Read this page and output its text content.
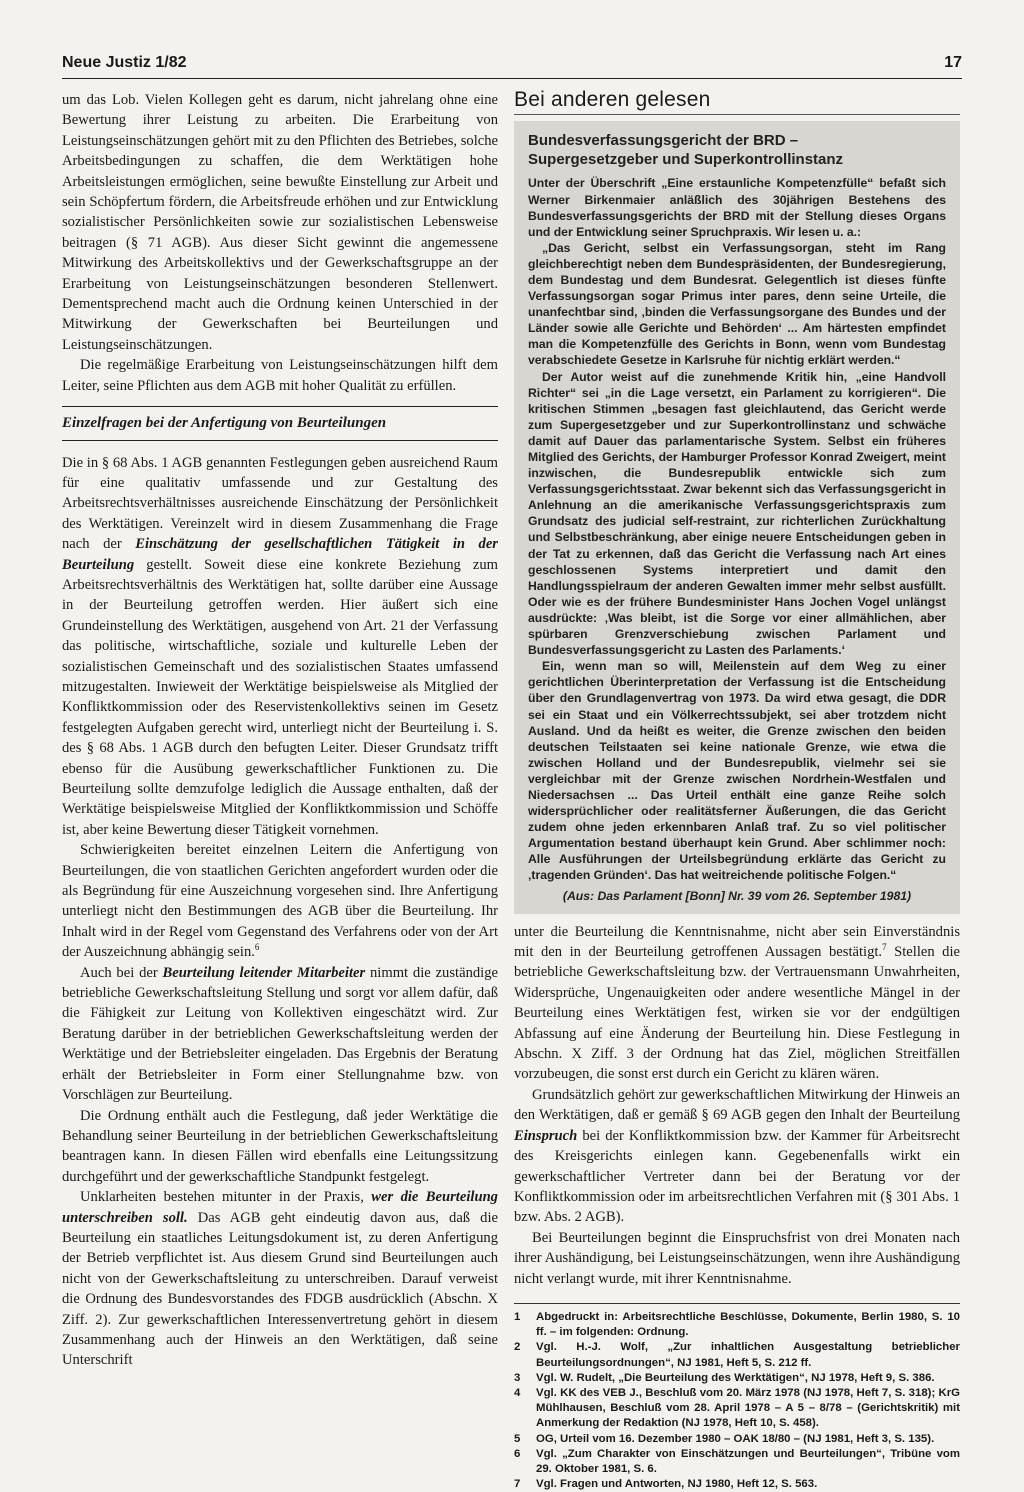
Neue Justiz 1/82	17

um das Lob. Vielen Kollegen geht es darum, nicht jahrelang ohne eine Bewertung ihrer Leistung zu arbeiten. Die Erarbeitung von Leistungseinschätzungen gehört mit zu den Pflichten des Betriebes, solche Arbeitsbedingungen zu schaffen, die dem Werktätigen hohe Arbeitsleistungen ermöglichen, seine bewußte Einstellung zur Arbeit und sein Schöpfertum fördern, die Arbeitsfreude erhöhen und zur Entwicklung sozialistischer Persönlichkeiten sowie zur sozialistischen Lebensweise beitragen (§ 71 AGB). Aus dieser Sicht gewinnt die angemessene Mitwirkung des Arbeitskollektivs und der Gewerkschaftsgruppe an der Erarbeitung von Leistungseinschätzungen besonderen Stellenwert. Dementsprechend macht auch die Ordnung keinen Unterschied in der Mitwirkung der Gewerkschaften bei Beurteilungen und Leistungseinschätzungen.

Die regelmäßige Erarbeitung von Leistungseinschätzungen hilft dem Leiter, seine Pflichten aus dem AGB mit hoher Qualität zu erfüllen.

Einzelfragen bei der Anfertigung von Beurteilungen

Die in § 68 Abs. 1 AGB genannten Festlegungen geben ausreichend Raum für eine qualitativ umfassende und zur Gestaltung des Arbeitsrechtsverhältnisses ausreichende Einschätzung der Persönlichkeit des Werktätigen. Vereinzelt wird in diesem Zusammenhang die Frage nach der Einschätzung der gesellschaftlichen Tätigkeit in der Beurteilung gestellt. Soweit diese eine konkrete Beziehung zum Arbeitsrechtsverhältnis des Werktätigen hat, sollte darüber eine Aussage in der Beurteilung getroffen werden. Hier äußert sich eine Grundeinstellung des Werktätigen, ausgehend von Art. 21 der Verfassung das politische, wirtschaftliche, soziale und kulturelle Leben der sozialistischen Gemeinschaft und des sozialistischen Staates umfassend mitzugestalten. Inwieweit der Werktätige beispielsweise als Mitglied der Konfliktkommission oder des Reservistenkollektivs seinen im Gesetz festgelegten Aufgaben gerecht wird, unterliegt nicht der Beurteilung i. S. des § 68 Abs. 1 AGB durch den befugten Leiter. Dieser Grundsatz trifft ebenso für die Ausübung gewerkschaftlicher Funktionen zu. Die Beurteilung sollte demzufolge lediglich die Aussage enthalten, daß der Werktätige beispielsweise Mitglied der Konfliktkommission und Schöffe ist, aber keine Bewertung dieser Tätigkeit vornehmen.

Schwierigkeiten bereitet einzelnen Leitern die Anfertigung von Beurteilungen, die von staatlichen Gerichten angefordert wurden oder die als Begründung für eine Auszeichnung vorgesehen sind. Ihre Anfertigung unterliegt nicht den Bestimmungen des AGB über die Beurteilung. Ihr Inhalt wird in der Regel vom Gegenstand des Verfahrens oder von der Art der Auszeichnung abhängig sein.$^6$

Auch bei der Beurteilung leitender Mitarbeiter nimmt die zuständige betriebliche Gewerkschaftsleitung Stellung und sorgt vor allem dafür, daß die Fähigkeit zur Leitung von Kollektiven eingeschätzt wird. Zur Beratung darüber in der betrieblichen Gewerkschaftsleitung werden der Werktätige und der Betriebsleiter eingeladen. Das Ergebnis der Beratung erhält der Betriebsleiter in Form einer Stellungnahme bzw. von Vorschlägen zur Beurteilung.

Die Ordnung enthält auch die Festlegung, daß jeder Werktätige die Behandlung seiner Beurteilung in der betrieblichen Gewerkschaftsleitung beantragen kann. In diesen Fällen wird ebenfalls eine Leitungssitzung durchgeführt und der gewerkschaftliche Standpunkt festgelegt.

Unklarheiten bestehen mitunter in der Praxis, wer die Beurteilung unterschreiben soll. Das AGB geht eindeutig davon aus, daß die Beurteilung ein staatliches Leitungsdokument ist, zu deren Anfertigung der Betrieb verpflichtet ist. Aus diesem Grund sind Beurteilungen auch nicht von der Gewerkschaftsleitung zu unterschreiben. Darauf verweist die Ordnung des Bundesvorstandes des FDGB ausdrücklich (Abschn. X Ziff. 2). Zur gewerkschaftlichen Interessenvertretung gehört in diesem Zusammenhang auch der Hinweis an den Werktätigen, daß seine Unterschrift

Bei anderen gelesen
Bundesverfassungsgericht der BRD –
Supergesetzgeber und Superkontrollinstanz

Unter der Überschrift „Eine erstaunliche Kompetenzfülle“ befaßt sich Werner Birkenmaier anläßlich des 30jährigen Bestehens des Bundesverfassungsgerichts der BRD mit der Stellung dieses Organs und der Entwicklung seiner Spruchpraxis. Wir lesen u. a.:

„Das Gericht, selbst ein Verfassungsorgan, steht im Rang gleichberechtigt neben dem Bundespräsidenten, der Bundesregierung, dem Bundestag und dem Bundesrat. Gelegentlich ist dieses fünfte Verfassungsorgan sogar Primus inter pares, denn seine Urteile, die unanfechtbar sind, ‚binden die Verfassungsorgane des Bundes und der Länder sowie alle Gerichte und Behörden‘ ... Am härtesten empfindet man die Kompetenzfülle des Gerichts in Bonn, wenn vom Bundestag verabschiedete Gesetze in Karlsruhe für nichtig erklärt werden.“

Der Autor weist auf die zunehmende Kritik hin, „eine Handvoll Richter“ sei „in die Lage versetzt, ein Parlament zu korrigieren“. Die kritischen Stimmen „besagen fast gleichlautend, das Gericht werde zum Supergesetzgeber und zur Superkontrollinstanz und schwäche damit auf Dauer das parlamentarische System. Selbst ein früheres Mitglied des Gerichts, der Hamburger Professor Konrad Zweigert, meint inzwischen, die Bundesrepublik entwickle sich zum Verfassungsgerichtsstaat. Zwar bekennt sich das Verfassungsgericht in Anlehnung an die amerikanische Verfassungsgerichtspraxis zum Grundsatz des judicial self-restraint, zur richterlichen Zurückhaltung und Selbstbeschränkung, aber einige neuere Entscheidungen geben in der Tat zu erkennen, daß das Gericht die Verfassung nach Art eines geschlossenen Systems interpretiert und damit den Handlungsspielraum der anderen Gewalten immer mehr selbst ausfüllt. Oder wie es der frühere Bundesminister Hans Jochen Vogel unlängst ausdrückte: ‚Was bleibt, ist die Sorge vor einer allmählichen, aber spürbaren Grenzverschiebung zwischen Parlament und Bundesverfassungsgericht zu Lasten des Parlaments.‘

Ein, wenn man so will, Meilenstein auf dem Weg zu einer gerichtlichen Überinterpretation der Verfassung ist die Entscheidung über den Grundlagenvertrag von 1973. Da wird etwa gesagt, die DDR sei ein Staat und ein Völkerrechtssubjekt, sei aber trotzdem nicht Ausland. Und da heißt es weiter, die Grenze zwischen den beiden deutschen Teilstaaten sei keine nationale Grenze, wie etwa die zwischen Holland und der Bundesrepublik, vielmehr sei sie vergleichbar mit der Grenze zwischen Nordrhein-Westfalen und Niedersachsen ... Das Urteil enthält eine ganze Reihe solch widersprüchlicher oder realitätsferner Äußerungen, die das Gericht zudem ohne jeden erkennbaren Anlaß traf. Zu so viel politischer Argumentation bestand überhaupt kein Grund. Aber schlimmer noch: Alle Ausführungen der Urteilsbegründung erklärte das Gericht zu ‚tragenden Gründen‘. Das hat weitreichende politische Folgen.“

(Aus: Das Parlament [Bonn] Nr. 39 vom 26. September 1981)

unter die Beurteilung die Kenntnisnahme, nicht aber sein Einverständnis mit den in der Beurteilung getroffenen Aussagen bestätigt.$^7$ Stellen die betriebliche Gewerkschaftsleitung bzw. der Vertrauensmann Unwahrheiten, Widersprüche, Ungenauigkeiten oder andere wesentliche Mängel in der Beurteilung eines Werktätigen fest, wirken sie vor der endgültigen Abfassung auf eine Änderung der Beurteilung hin. Diese Festlegung in Abschn. X Ziff. 3 der Ordnung hat das Ziel, möglichen Streitfällen vorzubeugen, die sonst erst durch ein Gericht zu klären wären.

Grundsätzlich gehört zur gewerkschaftlichen Mitwirkung der Hinweis an den Werktätigen, daß er gemäß § 69 AGB gegen den Inhalt der Beurteilung Einspruch bei der Konfliktkommission bzw. der Kammer für Arbeitsrecht des Kreisgerichts einlegen kann. Gegebenenfalls wirkt ein gewerkschaftlicher Vertreter dann bei der Beratung vor der Konfliktkommission oder im arbeitsrechtlichen Verfahren mit (§ 301 Abs. 1 bzw. Abs. 2 AGB).

Bei Beurteilungen beginnt die Einspruchsfrist von drei Monaten nach ihrer Aushändigung, bei Leistungseinschätzungen, wenn ihre Aushändigung nicht verlangt wurde, mit ihrer Kenntnisnahme.

1	Abgedruckt in: Arbeitsrechtliche Beschlüsse, Dokumente, Berlin 1980, S. 10 ff. – im folgenden: Ordnung.
2	Vgl. H.-J. Wolf, „Zur inhaltlichen Ausgestaltung betrieblicher Beurteilungsordnungen“, NJ 1981, Heft 5, S. 212 ff.
3	Vgl. W. Rudelt, „Die Beurteilung des Werktätigen“, NJ 1978, Heft 9, S. 386.
4	Vgl. KK des VEB J., Beschluß vom 20. März 1978 (NJ 1978, Heft 7, S. 318); KrG Mühlhausen, Beschluß vom 28. April 1978 – A 5 – 8/78 – (Gerichtskritik) mit Anmerkung der Redaktion (NJ 1978, Heft 10, S. 458).
5	OG, Urteil vom 16. Dezember 1980 – OAK 18/80 – (NJ 1981, Heft 3, S. 135).
6	Vgl. „Zum Charakter von Einschätzungen und Beurteilungen“, Tribüne vom 29. Oktober 1981, S. 6.
7	Vgl. Fragen und Antworten, NJ 1980, Heft 12, S. 563.
